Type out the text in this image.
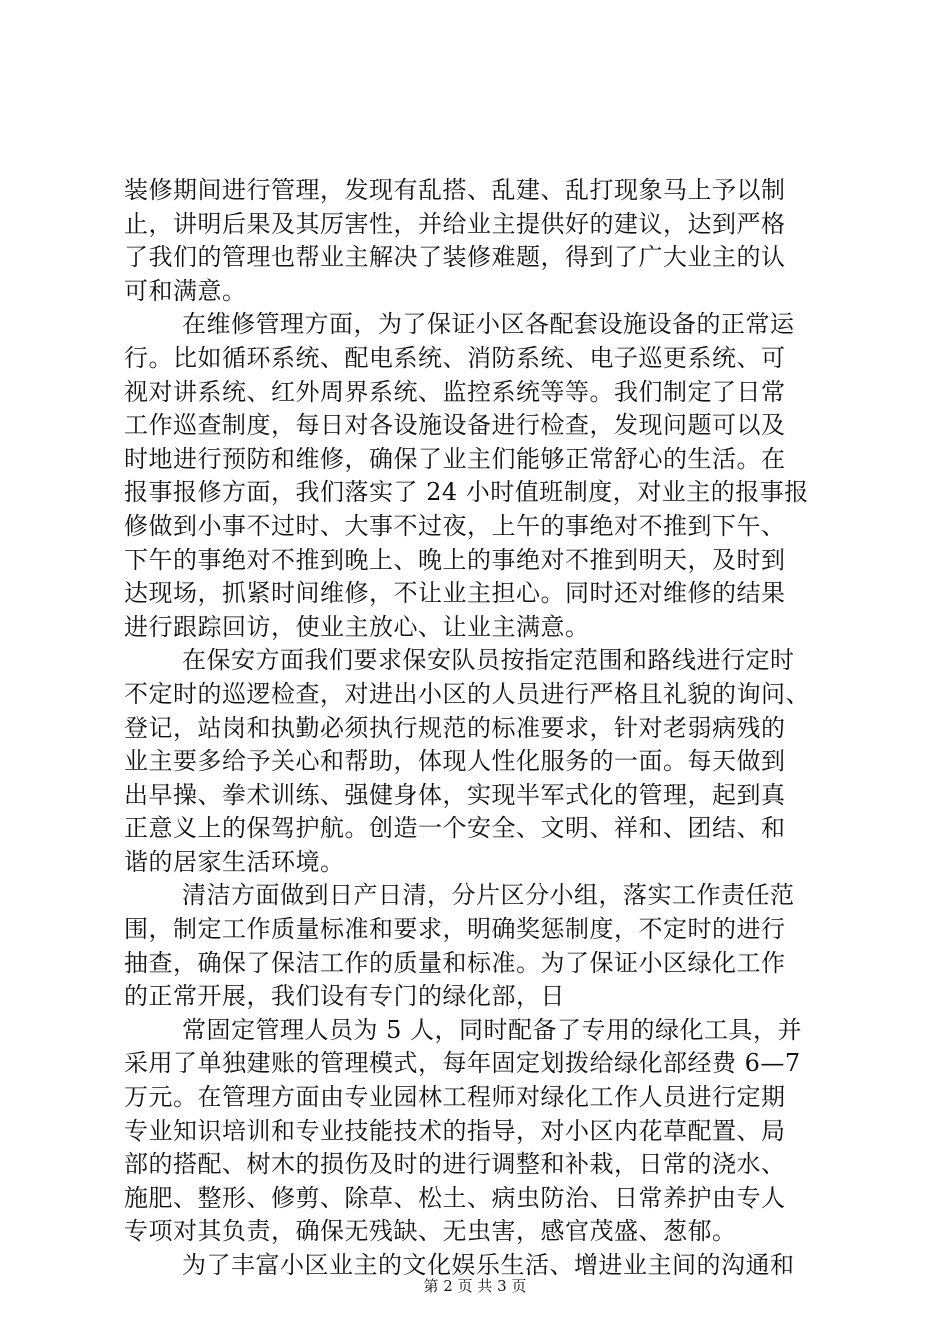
装修期间进行管理，发现有乱搭、乱建、乱打现象马上予以制
止，讲明后果及其厉害性，并给业主提供好的建议，达到严格
了我们的管理也帮业主解决了装修难题，得到了广大业主的认
可和满意。
在维修管理方面，为了保证小区各配套设施设备的正常运
行。比如循环系统、配电系统、消防系统、电子巡更系统、可
视对讲系统、红外周界系统、监控系统等等。我们制定了日常
工作巡查制度，每日对各设施设备进行检查，发现问题可以及
时地进行预防和维修，确保了业主们能够正常舒心的生活。在
报事报修方面，我们落实了 24 小时值班制度，对业主的报事报
修做到小事不过时、大事不过夜，上午的事绝对不推到下午、
下午的事绝对不推到晚上、晚上的事绝对不推到明天，及时到
达现场，抓紧时间维修，不让业主担心。同时还对维修的结果
进行跟踪回访，使业主放心、让业主满意。
在保安方面我们要求保安队员按指定范围和路线进行定时
不定时的巡逻检查，对进出小区的人员进行严格且礼貌的询问、
登记，站岗和执勤必须执行规范的标准要求，针对老弱病残的
业主要多给予关心和帮助，体现人性化服务的一面。每天做到
出早操、拳术训练、强健身体，实现半军式化的管理，起到真
正意义上的保驾护航。创造一个安全、文明、祥和、团结、和
谐的居家生活环境。
清洁方面做到日产日清，分片区分小组，落实工作责任范
围，制定工作质量标准和要求，明确奖惩制度，不定时的进行
抽查，确保了保洁工作的质量和标准。为了保证小区绿化工作
的正常开展，我们设有专门的绿化部，日
常固定管理人员为 5 人，同时配备了专用的绿化工具，并
采用了单独建账的管理模式，每年固定划拨给绿化部经费 6—7
万元。在管理方面由专业园林工程师对绿化工作人员进行定期
专业知识培训和专业技能技术的指导，对小区内花草配置、局
部的搭配、树木的损伤及时的进行调整和补栽，日常的浇水、
施肥、整形、修剪、除草、松土、病虫防治、日常养护由专人
专项对其负责，确保无残缺、无虫害，感官茂盛、葱郁。
为了丰富小区业主的文化娱乐生活、增进业主间的沟通和
第 2 页 共 3 页
